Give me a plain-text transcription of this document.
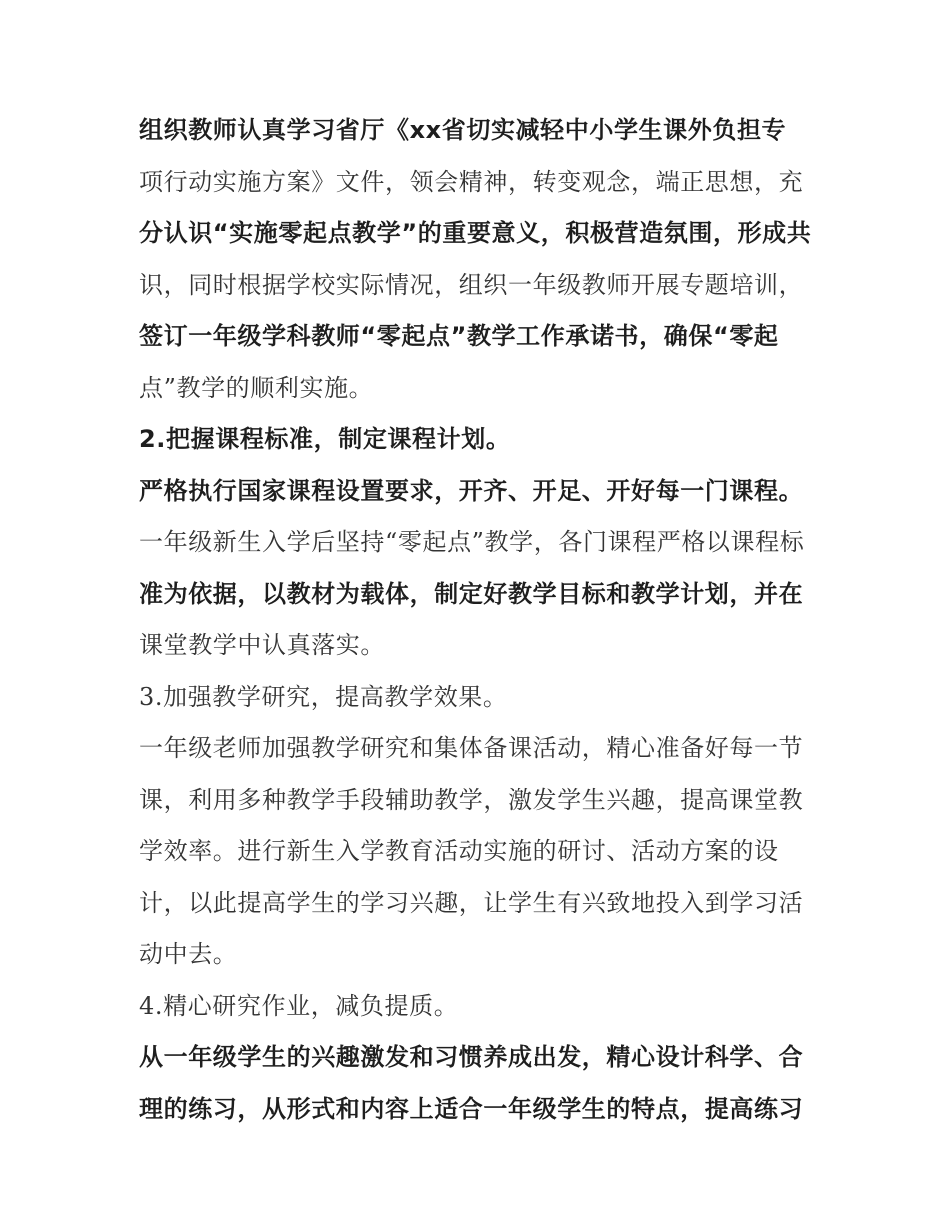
组织教师认真学习省厅《xx省切实减轻中小学生课外负担专
项行动实施方案》文件，领会精神，转变观念，端正思想，充
分认识“实施零起点教学”的重要意义，积极营造氛围，形成共
识，同时根据学校实际情况，组织一年级教师开展专题培训，
签订一年级学科教师“零起点”教学工作承诺书，确保“零起
点”教学的顺利实施。
2.把握课程标准，制定课程计划。
严格执行国家课程设置要求，开齐、开足、开好每一门课程。
一年级新生入学后坚持“零起点”教学，各门课程严格以课程标
准为依据，以教材为载体，制定好教学目标和教学计划，并在
课堂教学中认真落实。
3.加强教学研究，提高教学效果。
一年级老师加强教学研究和集体备课活动，精心准备好每一节
课，利用多种教学手段辅助教学，激发学生兴趣，提高课堂教
学效率。进行新生入学教育活动实施的研讨、活动方案的设
计，以此提高学生的学习兴趣，让学生有兴致地投入到学习活
动中去。
4.精心研究作业，减负提质。
从一年级学生的兴趣激发和习惯养成出发，精心设计科学、合
理的练习，从形式和内容上适合一年级学生的特点，提高练习
